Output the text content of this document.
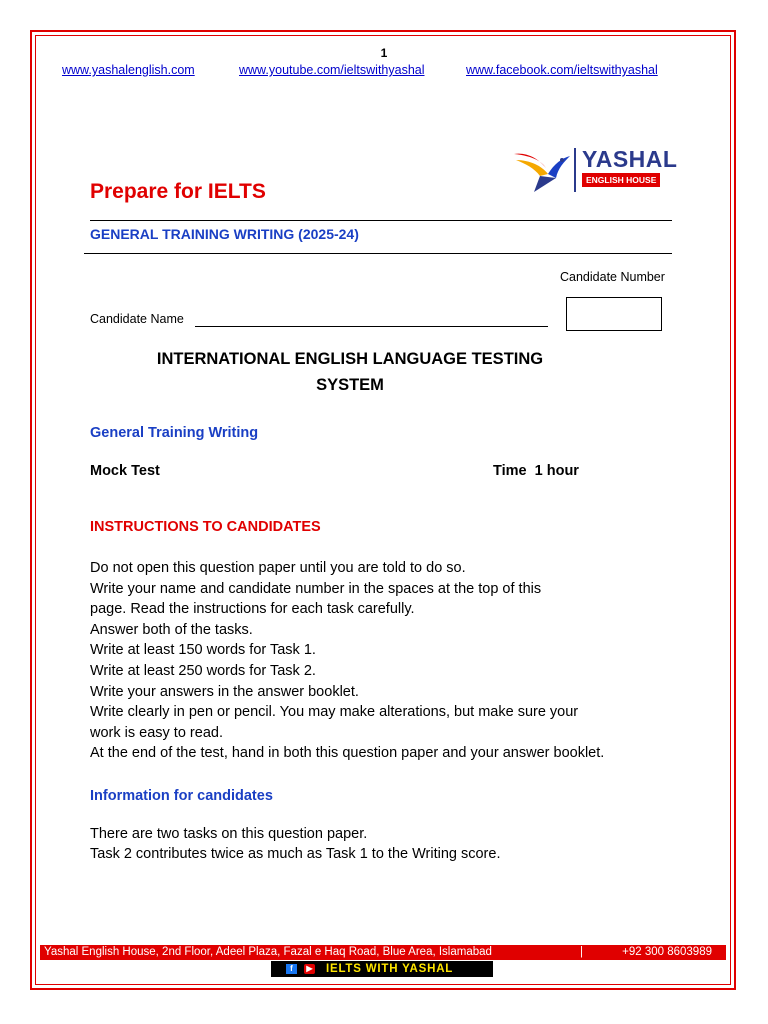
1
www.yashalenglish.com	www.youtube.com/ieltswithyashal	www.facebook.com/ieltswithyashal
YASHAL
ENGLISH HOUSE
Prepare for IELTS
GENERAL TRAINING WRITING (2025-24)
Candidate Number
Candidate Name
INTERNATIONAL ENGLISH LANGUAGE TESTING
SYSTEM
General Training Writing
Mock Test	Time  1 hour
INSTRUCTIONS TO CANDIDATES
Do not open this question paper until you are told to do so.
Write your name and candidate number in the spaces at the top of this
page. Read the instructions for each task carefully.
Answer both of the tasks.
Write at least 150 words for Task 1.
Write at least 250 words for Task 2.
Write your answers in the answer booklet.
Write clearly in pen or pencil. You may make alterations, but make sure your
work is easy to read.
At the end of the test, hand in both this question paper and your answer booklet.
Information for candidates
There are two tasks on this question paper.
Task 2 contributes twice as much as Task 1 to the Writing score.
Yashal English House, 2nd Floor, Adeel Plaza, Fazal e Haq Road, Blue Area, Islamabad	|	+92 300 8603989
f	▶ IELTS WITH YASHAL
